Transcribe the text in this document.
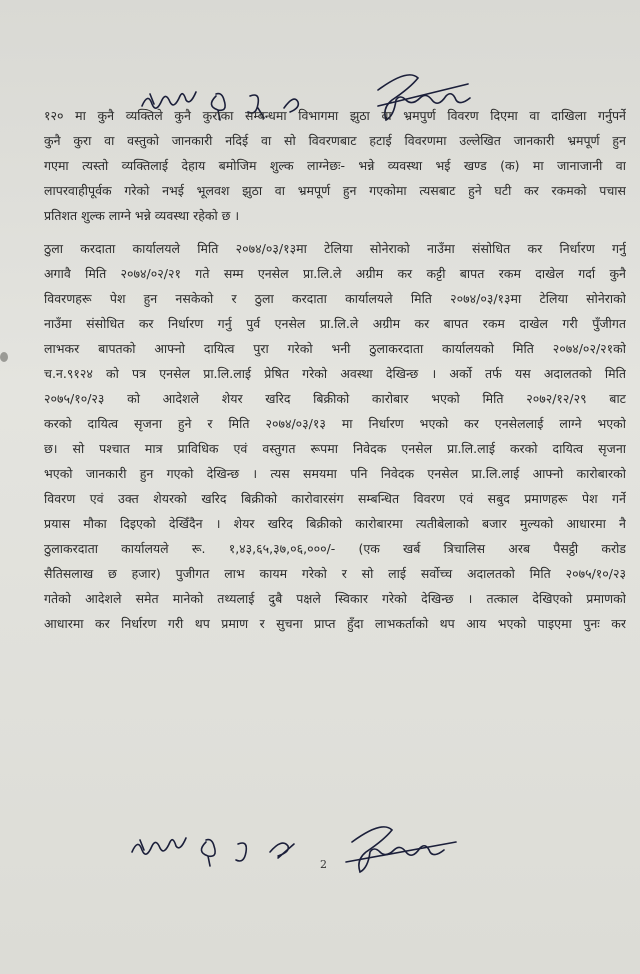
१२० मा कुनै व्यक्तिले कुनै कुराका सम्बन्धमा विभागमा झुठा वा भ्रमपुर्ण विवरण दिएमा वा दाखिला गर्नुपर्ने
कुनै कुरा वा वस्तुको जानकारी नदिई वा सो विवरणबाट हटाई विवरणमा उल्लेखित जानकारी भ्रमपूर्ण हुन
गएमा त्यस्तो व्यक्तिलाई देहाय बमोजिम शुल्क लाग्नेछः- भन्ने व्यवस्था भई खण्ड (क) मा जानाजानी वा
लापरवाहीपूर्वक गरेको नभई भूलवश झुठा वा भ्रमपूर्ण हुन गएकोमा त्यसबाट हुने घटी कर रकमको पचास
प्रतिशत शुल्क लाग्ने भन्ने व्यवस्था रहेको छ ।
ठुला करदाता कार्यालयले मिति २०७४/०३/१३मा टेलिया सोनेराको नाउँमा संसोधित कर निर्धारण गर्नु
अगावै मिति २०७४/०२/२१ गते सम्म एनसेल प्रा.लि.ले अग्रीम कर कट्टी बापत रकम दाखेल गर्दा कुनै
विवरणहरू पेश हुन नसकेको र ठुला करदाता कार्यालयले मिति २०७४/०३/१३मा टेलिया सोनेराको
नाउँमा संसोधित कर निर्धारण गर्नु पुर्व एनसेल प्रा.लि.ले अग्रीम कर बापत रकम दाखेल गरी पुँजीगत
लाभकर बापतको आफ्नो दायित्व पुरा गरेको भनी ठुलाकरदाता कार्यालयको मिति २०७४/०२/२१को
च.न.९१२४ को पत्र एनसेल प्रा.लि.लाई प्रेषित गरेको अवस्था देखिन्छ । अर्को तर्फ यस अदालतको मिति
२०७५/१०/२३ को आदेशले शेयर खरिद बिक्रीको कारोबार भएको मिति २०७२/१२/२९ बाट
करको दायित्व सृजना हुने र मिति २०७४/०३/१३ मा निर्धारण भएको कर एनसेललाई लाग्ने भएको
छ। सो पश्चात मात्र प्राविधिक एवं वस्तुगत रूपमा निवेदक एनसेल प्रा.लि.लाई करको दायित्व सृजना
भएको जानकारी हुन गएको देखिन्छ । त्यस समयमा पनि निवेदक एनसेल प्रा.लि.लाई आफ्नो कारोबारको
विवरण एवं उक्त शेयरको खरिद बिक्रीको कारोवारसंग सम्बन्धित विवरण एवं सबुद प्रमाणहरू पेश गर्ने
प्रयास मौका दिइएको देखिँदैन । शेयर खरिद बिक्रीको कारोबारमा त्यतीबेलाको बजार मुल्यको आधारमा नै
ठुलाकरदाता कार्यालयले रू. १,४३,६५,३७,०६,०००/- (एक खर्ब त्रिचालिस अरब पैसट्ठी करोड
सैतिसलाख छ हजार) पुजीगत लाभ कायम गरेको र सो लाई सर्वोच्च अदालतको मिति २०७५/१०/२३
गतेको आदेशले समेत मानेको तथ्यलाई दुबै पक्षले स्विकार गरेको देखिन्छ । तत्काल देखिएको प्रमाणको
आधारमा कर निर्धारण गरी थप प्रमाण र सुचना प्राप्त हुँदा लाभकर्ताको थप आय भएको पाइएमा पुनः कर
2
